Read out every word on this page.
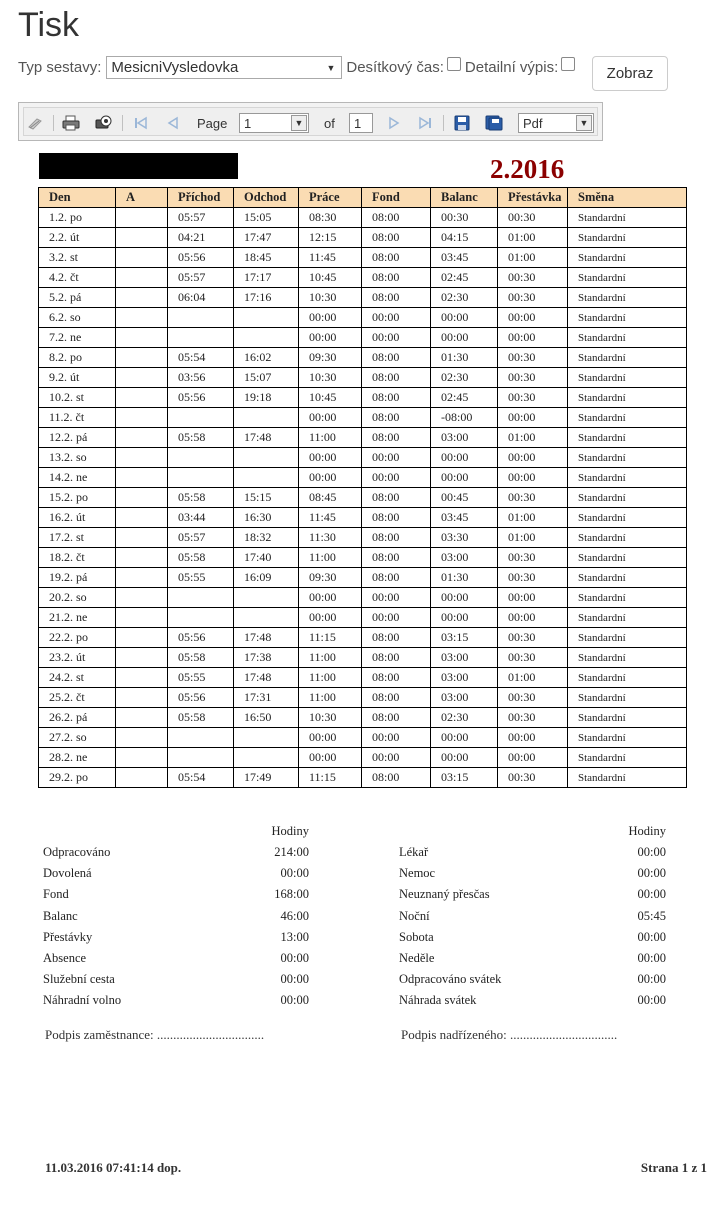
Tisk
Typ sestavy: MesicniVysledovka	▼ Desítkový čas: Detailní výpis:	Zobraz
Page 1	▼ of	1	Pdf	▼
2.2016
Den	A	Příchod	Odchod	Práce	Fond	Balanc	Přestávka	Směna
1.2. po		05:57	15:05	08:30	08:00	00:30	00:30	Standardní
2.2. út		04:21	17:47	12:15	08:00	04:15	01:00	Standardní
3.2. st		05:56	18:45	11:45	08:00	03:45	01:00	Standardní
4.2. čt		05:57	17:17	10:45	08:00	02:45	00:30	Standardní
5.2. pá		06:04	17:16	10:30	08:00	02:30	00:30	Standardní
6.2. so				00:00	00:00	00:00	00:00	Standardní
7.2. ne				00:00	00:00	00:00	00:00	Standardní
8.2. po		05:54	16:02	09:30	08:00	01:30	00:30	Standardní
9.2. út		03:56	15:07	10:30	08:00	02:30	00:30	Standardní
10.2. st		05:56	19:18	10:45	08:00	02:45	00:30	Standardní
11.2. čt				00:00	08:00	-08:00	00:00	Standardní
12.2. pá		05:58	17:48	11:00	08:00	03:00	01:00	Standardní
13.2. so				00:00	00:00	00:00	00:00	Standardní
14.2. ne				00:00	00:00	00:00	00:00	Standardní
15.2. po		05:58	15:15	08:45	08:00	00:45	00:30	Standardní
16.2. út		03:44	16:30	11:45	08:00	03:45	01:00	Standardní
17.2. st		05:57	18:32	11:30	08:00	03:30	01:00	Standardní
18.2. čt		05:58	17:40	11:00	08:00	03:00	00:30	Standardní
19.2. pá		05:55	16:09	09:30	08:00	01:30	00:30	Standardní
20.2. so				00:00	00:00	00:00	00:00	Standardní
21.2. ne				00:00	00:00	00:00	00:00	Standardní
22.2. po		05:56	17:48	11:15	08:00	03:15	00:30	Standardní
23.2. út		05:58	17:38	11:00	08:00	03:00	00:30	Standardní
24.2. st		05:55	17:48	11:00	08:00	03:00	01:00	Standardní
25.2. čt		05:56	17:31	11:00	08:00	03:00	00:30	Standardní
26.2. pá		05:58	16:50	10:30	08:00	02:30	00:30	Standardní
27.2. so				00:00	00:00	00:00	00:00	Standardní
28.2. ne				00:00	00:00	00:00	00:00	Standardní
29.2. po		05:54	17:49	11:15	08:00	03:15	00:30	Standardní
Hodiny	Hodiny
Odpracováno	214:00
Dovolená	00:00
Fond	168:00
Balanc	46:00
Přestávky	13:00
Absence	00:00
Služební cesta	00:00
Náhradní volno	00:00
Lékař	00:00
Nemoc	00:00
Neuznaný přesčas	00:00
Noční	05:45
Sobota	00:00
Neděle	00:00
Odpracováno svátek	00:00
Náhrada svátek	00:00
Podpis zaměstnance: .................................	Podpis nadřízeného: .................................
11.03.2016 07:41:14 dop.	Strana 1 z 1
